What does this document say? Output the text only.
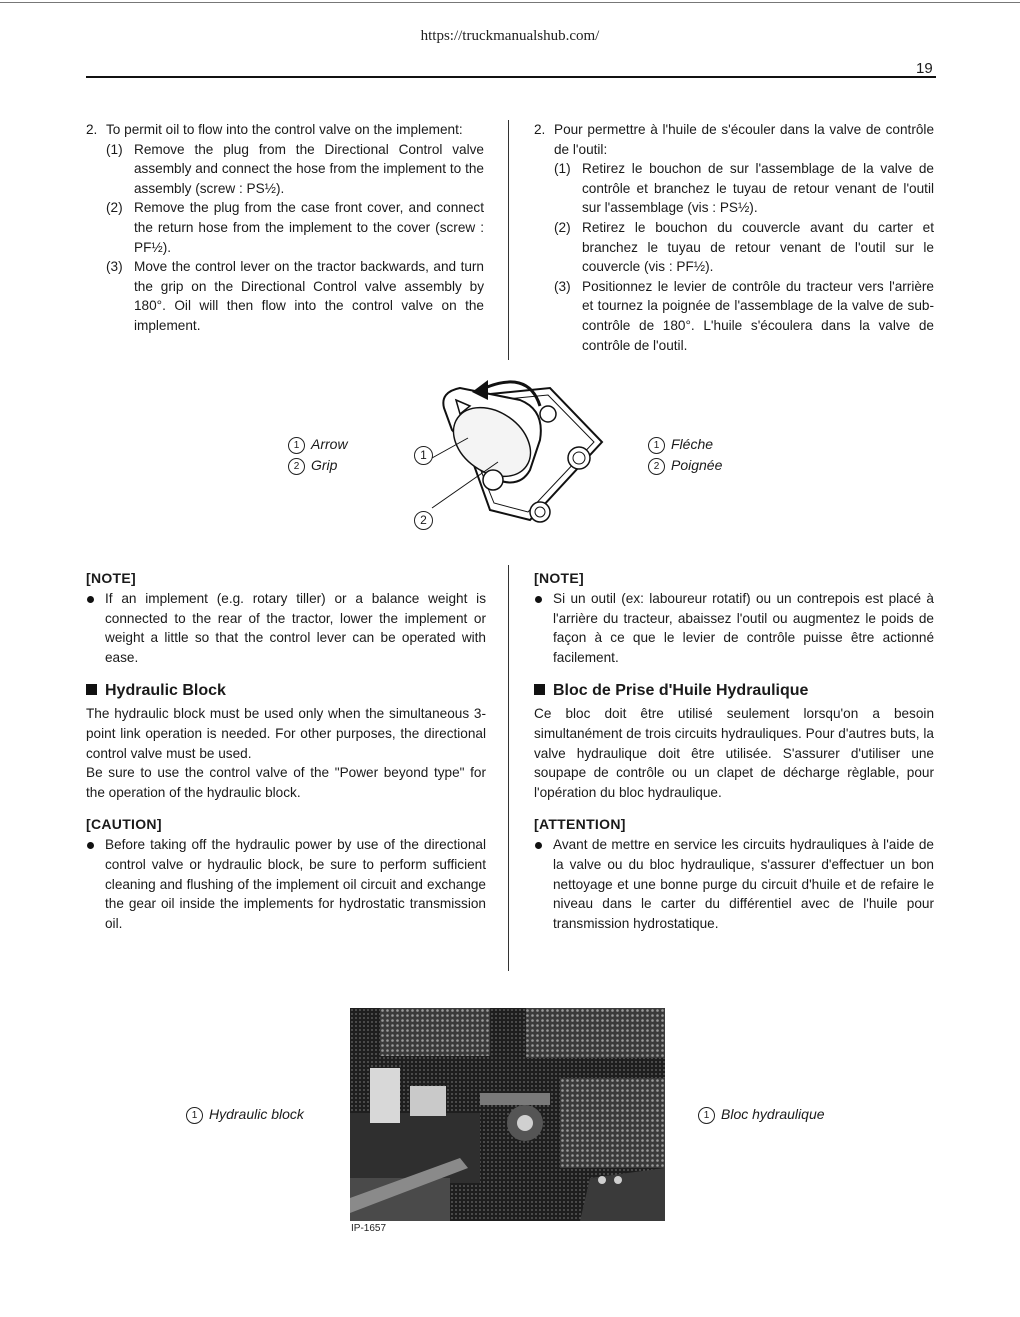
https://truckmanualshub.com/
19
2. To permit oil to flow into the control valve on the implement:
(1) Remove the plug from the Directional Control valve assembly and connect the hose from the implement to the assembly (screw : PS½).
(2) Remove the plug from the case front cover, and connect the return hose from the implement to the cover (screw : PF½).
(3) Move the control lever on the tractor backwards, and turn the grip on the Directional Control valve assembly by 180°. Oil will then flow into the control valve on the implement.
2. Pour permettre à l'huile de s'écouler dans la valve de contrôle de l'outil:
(1) Retirez le bouchon de sur l'assemblage de la valve de contrôle et branchez le tuyau de retour venant de l'outil sur l'assemblage (vis : PS½).
(2) Retirez le bouchon du couvercle avant du carter et branchez le tuyau de retour venant de l'outil sur le couvercle (vis : PF½).
(3) Positionnez le levier de contrôle du tracteur vers l'arrière et tournez la poignée de l'assemblage de la valve de sub-contrôle de 180°. L'huile s'écoulera dans la valve de contrôle de l'outil.
1 Arrow
2 Grip
1 Fléche
2 Poignée
1
2
[NOTE]
If an implement (e.g. rotary tiller) or a balance weight is connected to the rear of the tractor, lower the implement or weight a little so that the control lever can be operated with ease.
Hydraulic Block
The hydraulic block must be used only when the simultaneous 3-point link operation is needed. For other purposes, the directional control valve must be used.
Be sure to use the control valve of the "Power beyond type" for the operation of the hydraulic block.
[CAUTION]
Before taking off the hydraulic power by use of the directional control valve or hydraulic block, be sure to perform sufficient cleaning and flushing of the implement oil circuit and exchange the gear oil inside the implements for hydrostatic transmission oil.
[NOTE]
Si un outil (ex: laboureur rotatif) ou un contrepois est placé à l'arrière du tracteur, abaissez l'outil ou augmentez le poids de façon à ce que le levier de contrôle puisse être actionné facilement.
Bloc de Prise d'Huile Hydraulique
Ce bloc doit être utilisé seulement lorsqu'on a besoin simultanément de trois circuits hydrauliques. Pour d'autres buts, la valve hydraulique doit être utilisée. S'assurer d'utiliser une soupape de contrôle ou un clapet de décharge règlable, pour l'opération du bloc hydraulique.
[ATTENTION]
Avant de mettre en service les circuits hydrauliques à l'aide de la valve ou du bloc hydraulique, s'assurer d'effectuer un bon nettoyage et une bonne purge du circuit d'huile et de refaire le niveau dans le carter du différentiel avec de l'huile pour transmission hydrostatique.
1 Hydraulic block	1 Bloc hydraulique
IP-1657
